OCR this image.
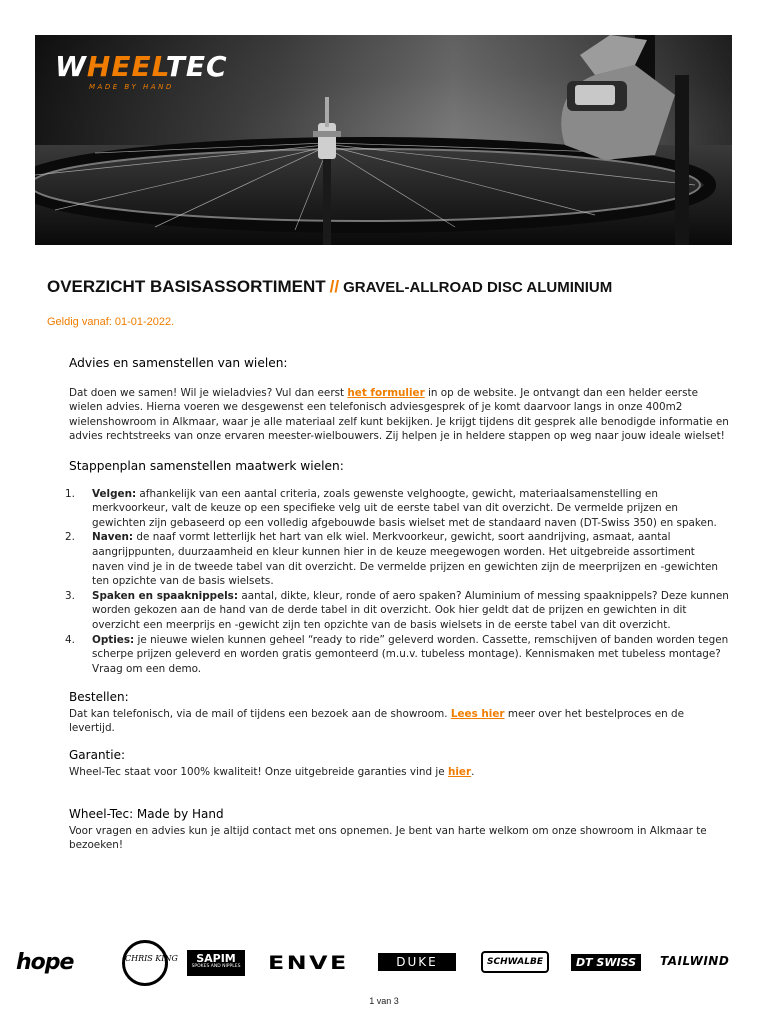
WHEELTEC
MADE BY HAND
OVERZICHT BASISASSORTIMENT // GRAVEL-ALLROAD DISC ALUMINIUM
Geldig vanaf: 01-01-2022.
Advies en samenstellen van wielen:
Dat doen we samen! Wil je wieladvies? Vul dan eerst het formulier in op de website. Je ontvangt dan een helder eerste wielen advies. Hierna voeren we desgewenst een telefonisch adviesgesprek of je komt daarvoor langs in onze 400m2 wielenshowroom in Alkmaar, waar je alle materiaal zelf kunt bekijken. Je krijgt tijdens dit gesprek alle benodigde informatie en advies rechtstreeks van onze ervaren meester-wielbouwers. Zij helpen je in heldere stappen op weg naar jouw ideale wielset!
Stappenplan samenstellen maatwerk wielen:
1. Velgen: afhankelijk van een aantal criteria, zoals gewenste velghoogte, gewicht, materiaalsamenstelling en merkvoorkeur, valt de keuze op een specifieke velg uit de eerste tabel van dit overzicht. De vermelde prijzen en gewichten zijn gebaseerd op een volledig afgebouwde basis wielset met de standaard naven (DT-Swiss 350) en spaken.
2. Naven: de naaf vormt letterlijk het hart van elk wiel. Merkvoorkeur, gewicht, soort aandrijving, asmaat, aantal aangrijppunten, duurzaamheid en kleur kunnen hier in de keuze meegewogen worden. Het uitgebreide assortiment naven vind je in de tweede tabel van dit overzicht. De vermelde prijzen en gewichten zijn de meerprijzen en -gewichten ten opzichte van de basis wielsets.
3. Spaken en spaaknippels: aantal, dikte, kleur, ronde of aero spaken? Aluminium of messing spaaknippels? Deze kunnen worden gekozen aan de hand van de derde tabel in dit overzicht. Ook hier geldt dat de prijzen en gewichten in dit overzicht een meerprijs en -gewicht zijn ten opzichte van de basis wielsets in de eerste tabel van dit overzicht.
4. Opties: je nieuwe wielen kunnen geheel “ready to ride” geleverd worden. Cassette, remschijven of banden worden tegen scherpe prijzen geleverd en worden gratis gemonteerd (m.u.v. tubeless montage). Kennismaken met tubeless montage? Vraag om een demo.
Bestellen:
Dat kan telefonisch, via de mail of tijdens een bezoek aan de showroom. Lees hier meer over het bestelproces en de levertijd.
Garantie:
Wheel-Tec staat voor 100% kwaliteit! Onze uitgebreide garanties vind je hier.
Wheel-Tec: Made by Hand
Voor vragen en advies kun je altijd contact met ons opnemen. Je bent van harte welkom om onze showroom in Alkmaar te bezoeken!
hope	CHRIS KING	SAPIM
SPOKES AND NIPPLES ENVE	DUKE	SCHWALBE	DT SWISS	TAILWIND
1 van 3
